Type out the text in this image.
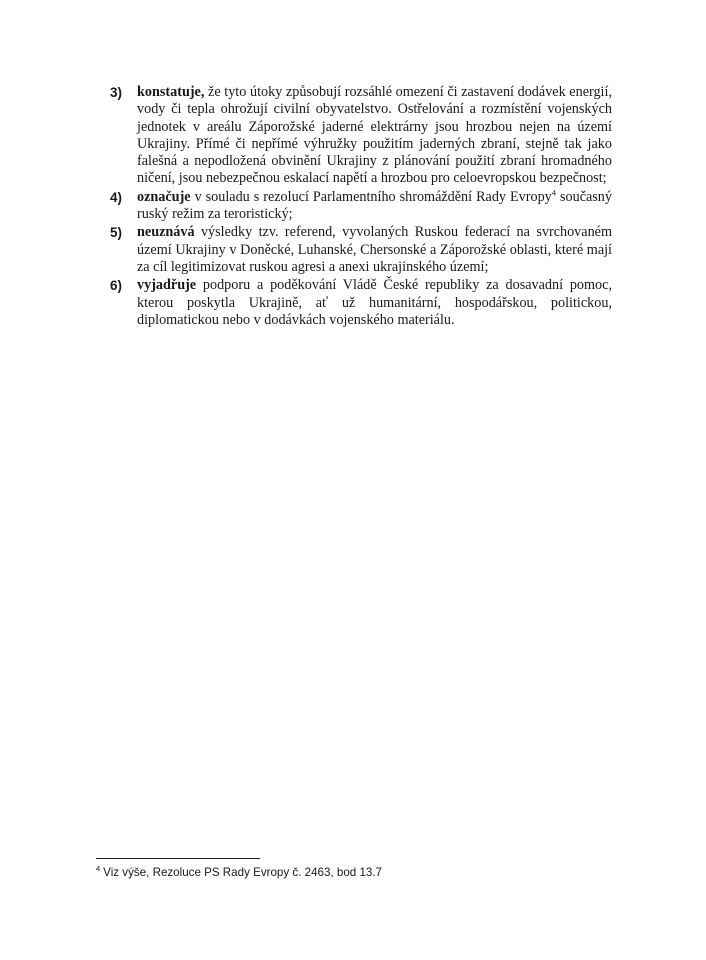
3) konstatuje, že tyto útoky způsobují rozsáhlé omezení či zastavení dodávek energií, vody či tepla ohrožují civilní obyvatelstvo. Ostřelování a rozmístění vojenských jednotek v areálu Záporožské jaderné elektrárny jsou hrozbou nejen na území Ukrajiny. Přímé či nepřímé výhružky použitím jaderných zbraní, stejně tak jako falešná a nepodložená obvinění Ukrajiny z plánování použití zbraní hromadného ničení, jsou nebezpečnou eskalací napětí a hrozbou pro celoevropskou bezpečnost;
4) označuje v souladu s rezolucí Parlamentního shromáždění Rady Evropy$^4$ současný ruský režim za teroristický;
5) neuznává výsledky tzv. referend, vyvolaných Ruskou federací na svrchovaném území Ukrajiny v Doněcké, Luhanské, Chersonské a Záporožské oblasti, které mají za cíl legitimizovat ruskou agresi a anexi ukrajinského území;
6) vyjadřuje podporu a poděkování Vládě České republiky za dosavadní pomoc, kterou poskytla Ukrajině, ať už humanitární, hospodářskou, politickou, diplomatickou nebo v dodávkách vojenského materiálu.
$^4$ Viz výše, Rezoluce PS Rady Evropy č. 2463, bod 13.7
